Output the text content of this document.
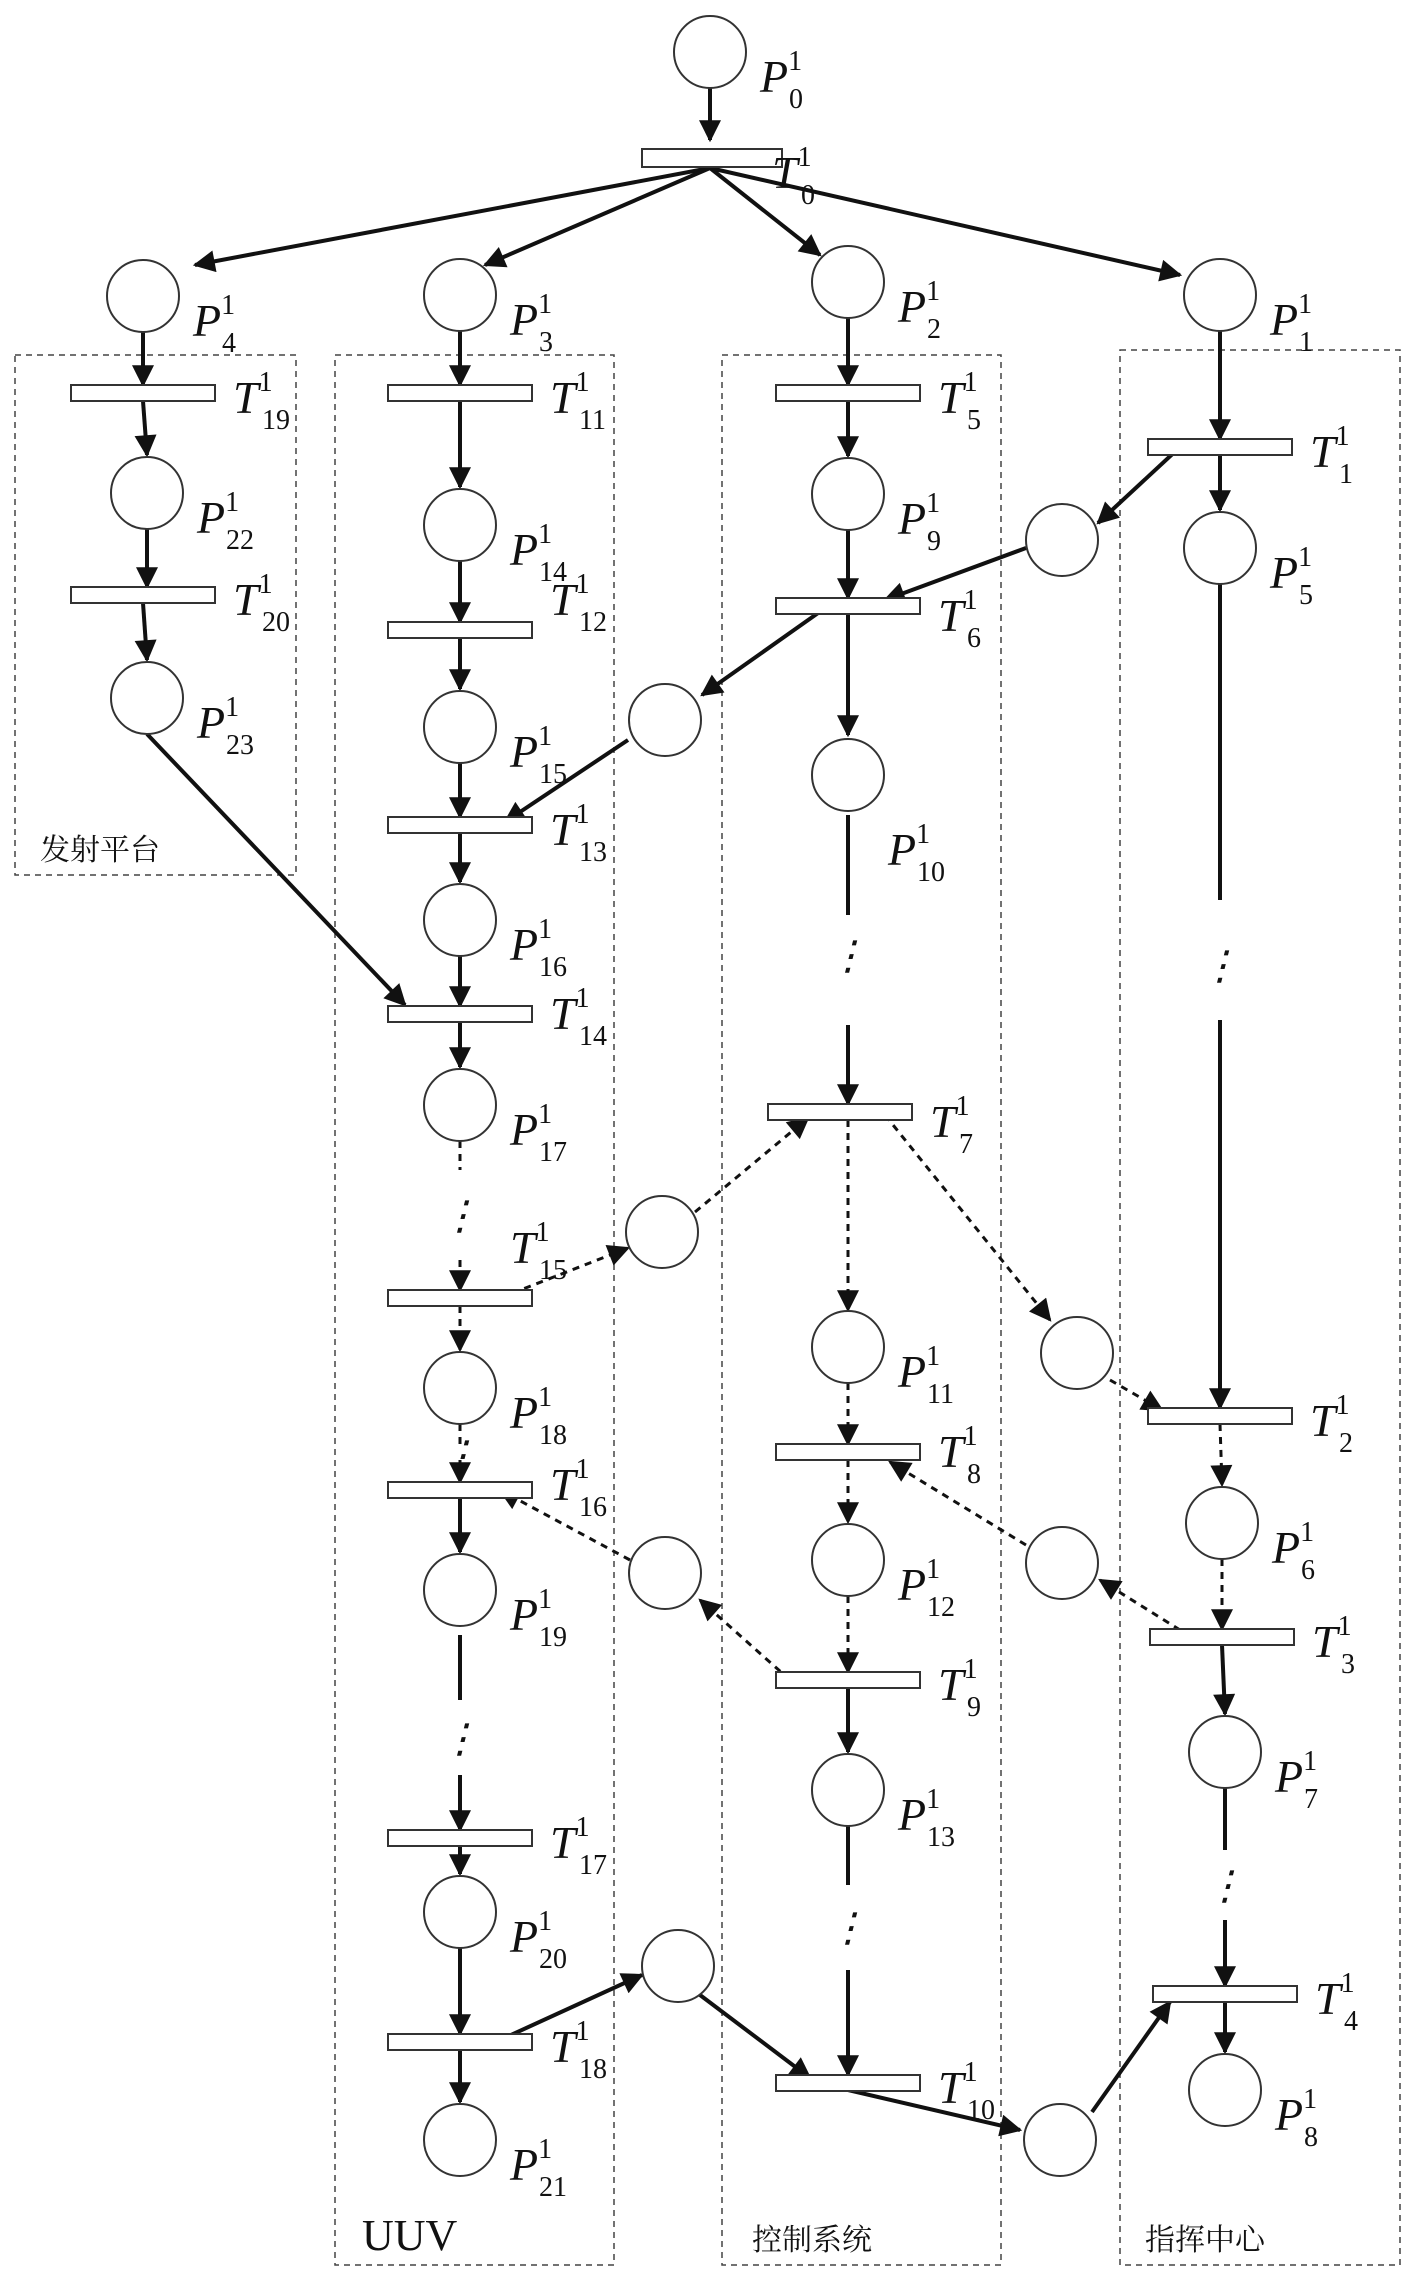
发射平台
UUV	控制系统	指挥中心
⋮
⋮
⋮
⋮
⋮
⋮
⋮
$P^1$ 0
$P^1$ 1
$P^1$ 2
$P^1$ 3
$P^1$ 4
$P^1$ 5
$P^1$ 6
$P^1$ 7
$P^1$ 8
$P^1$ 9
$P^1$ 10
$P^1$ 11
$P^1$ 12
$P^1$ 13
$P^1$ 14
$P^1$ 15
$P^1$ 16
$P^1$ 17
$P^1$ 18
$P^1$ 19
$P^1$ 20
$P^1$ 21
$P^1$ 22
$P^1$ 23
$T^1$ 0
$T^1$ 1
$T^1$ 2
$T^1$ 3
$T^1$ 4
$T^1$ 5
$T^1$ 6
$T^1$ 7
$T^1$ 8
$T^1$ 9
$T^1$ 10
$T^1$ 11
$T^1$ 12
$T^1$ 13
$T^1$ 14
$T^1$ 15
$T^1$ 16
$T^1$ 17
$T^1$ 18
$T^1$ 19
$T^1$ 20
